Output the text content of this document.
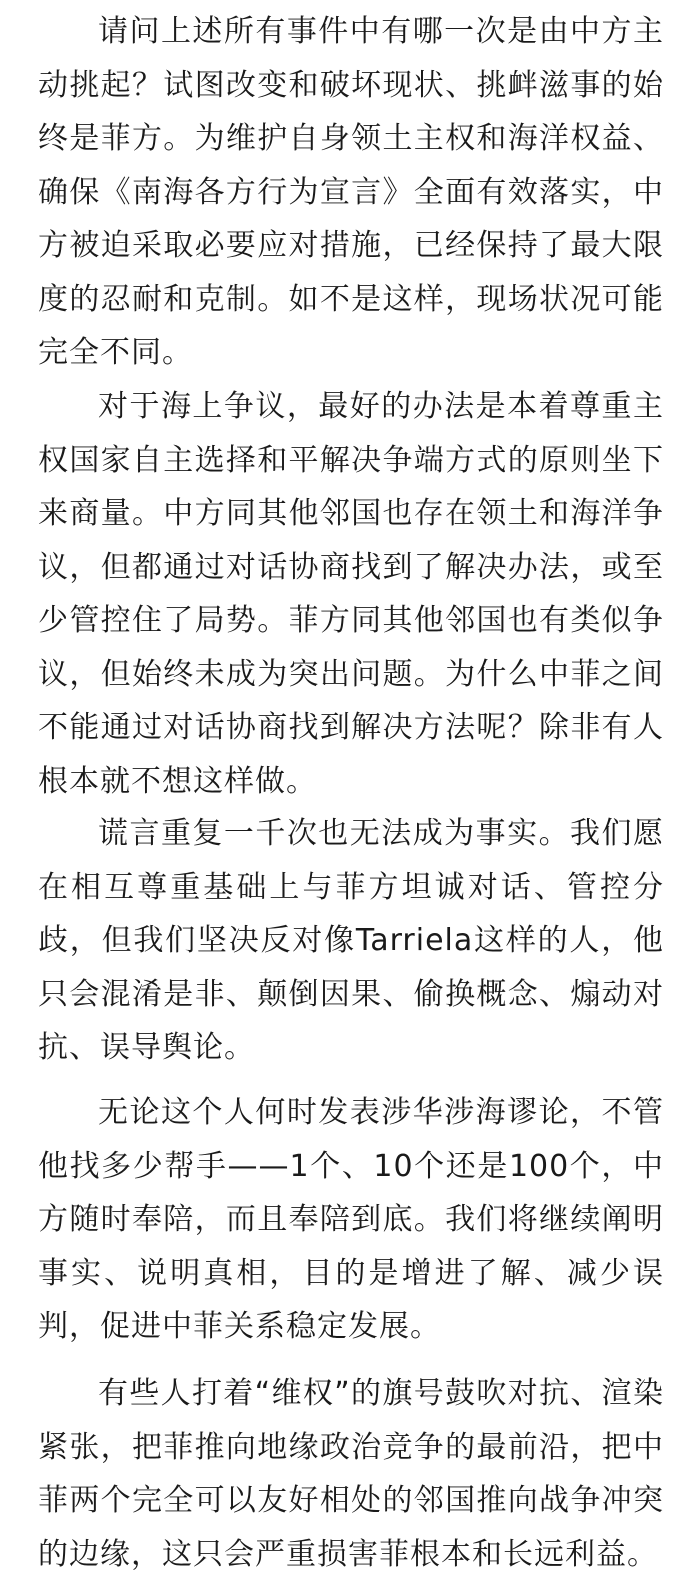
请问上述所有事件中有哪一次是由中方主动挑起？试图改变和破坏现状、挑衅滋事的始终是菲方。为维护自身领土主权和海洋权益、确保《南海各方行为宣言》全面有效落实，中方被迫采取必要应对措施，已经保持了最大限度的忍耐和克制。如不是这样，现场状况可能完全不同。

对于海上争议，最好的办法是本着尊重主权国家自主选择和平解决争端方式的原则坐下来商量。中方同其他邻国也存在领土和海洋争议，但都通过对话协商找到了解决办法，或至少管控住了局势。菲方同其他邻国也有类似争议，但始终未成为突出问题。为什么中菲之间不能通过对话协商找到解决方法呢？除非有人根本就不想这样做。

谎言重复一千次也无法成为事实。我们愿在相互尊重基础上与菲方坦诚对话、管控分歧，但我们坚决反对像Tarriela这样的人，他只会混淆是非、颠倒因果、偷换概念、煽动对抗、误导舆论。

无论这个人何时发表涉华涉海谬论，不管他找多少帮手——1个、10个还是100个，中方随时奉陪，而且奉陪到底。我们将继续阐明事实、说明真相，目的是增进了解、减少误判，促进中菲关系稳定发展。

有些人打着“维权”的旗号鼓吹对抗、渲染紧张，把菲推向地缘政治竞争的最前沿，把中菲两个完全可以友好相处的邻国推向战争冲突的边缘，这只会严重损害菲根本和长远利益。
